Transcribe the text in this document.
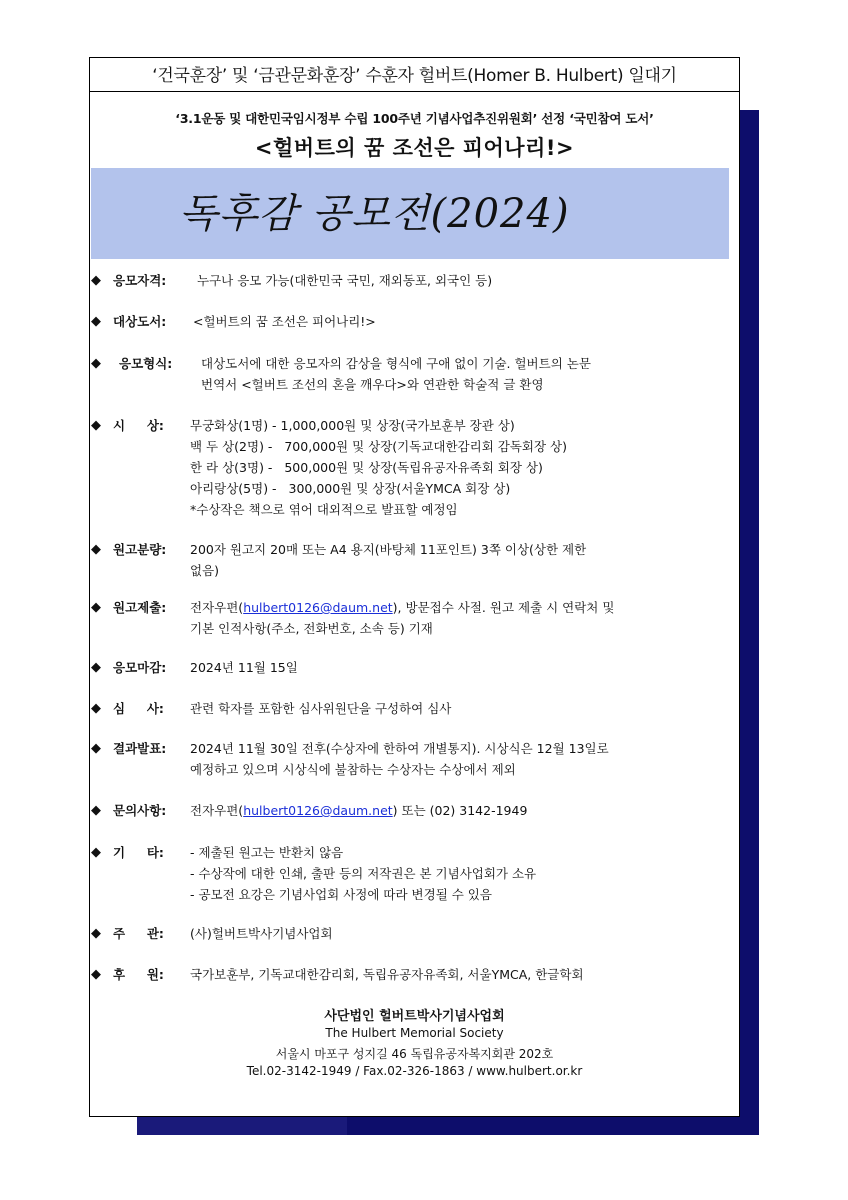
‘건국훈장’ 및 ‘금관문화훈장’ 수훈자 헐버트(Homer B. Hulbert) 일대기
‘3.1운동 및 대한민국임시정부 수립 100주년 기념사업추진위원회’ 선정 ‘국민참여 도서’
<헐버트의 꿈 조선은 피어나리!>
독후감 공모전(2024)
◆ 응모자격: 누구나 응모 가능(대한민국 국민, 재외동포, 외국인 등)
◆ 대상도서: <헐버트의 꿈 조선은 피어나리!>
◆ 응모형식: 대상도서에 대한 응모자의 감상을 형식에 구애 없이 기술. 헐버트의 논문
번역서 <헐버트 조선의 혼을 깨우다>와 연관한 학술적 글 환영
◆ 시     상: 무궁화상(1명) - 1,000,000원 및 상장(국가보훈부 장관 상)
백 두 상(2명) -   700,000원 및 상장(기독교대한감리회 감독회장 상)
한 라 상(3명) -   500,000원 및 상장(독립유공자유족회 회장 상)
아리랑상(5명) -   300,000원 및 상장(서울YMCA 회장 상)
*수상작은 책으로 엮어 대외적으로 발표할 예정임
◆ 원고분량: 200자 원고지 20매 또는 A4 용지(바탕체 11포인트) 3쪽 이상(상한 제한
없음)
◆ 원고제출: 전자우편(hulbert0126@daum.net), 방문접수 사절. 원고 제출 시 연락처 및
기본 인적사항(주소, 전화번호, 소속 등) 기재
◆ 응모마감: 2024년 11월 15일
◆ 심     사: 관련 학자를 포함한 심사위원단을 구성하여 심사
◆ 결과발표: 2024년 11월 30일 전후(수상자에 한하여 개별통지). 시상식은 12월 13일로
예정하고 있으며 시상식에 불참하는 수상자는 수상에서 제외
◆ 문의사항: 전자우편(hulbert0126@daum.net) 또는 (02) 3142-1949
◆ 기     타: - 제출된 원고는 반환치 않음
- 수상작에 대한 인쇄, 출판 등의 저작권은 본 기념사업회가 소유
- 공모전 요강은 기념사업회 사정에 따라 변경될 수 있음
◆ 주     관: (사)헐버트박사기념사업회
◆ 후     원: 국가보훈부, 기독교대한감리회, 독립유공자유족회, 서울YMCA, 한글학회
사단법인 헐버트박사기념사업회
The Hulbert Memorial Society
서울시 마포구 성지길 46 독립유공자복지회관 202호
Tel.02-3142-1949 / Fax.02-326-1863 / www.hulbert.or.kr
